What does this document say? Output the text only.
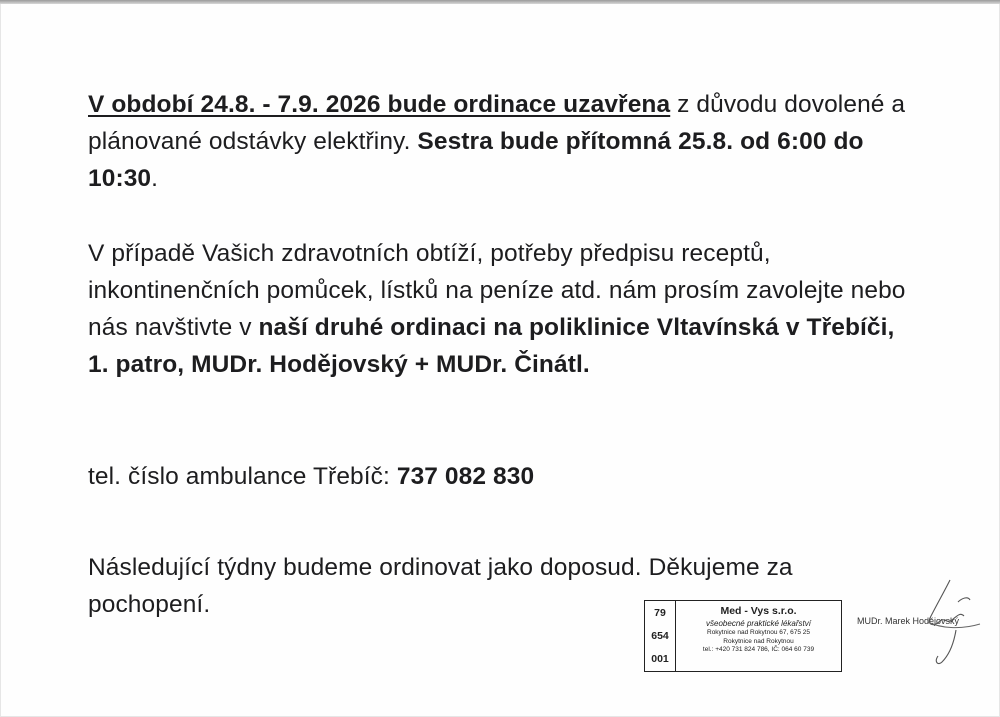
V období 24.8. - 7.9. 2026 bude ordinace uzavřena z důvodu dovolené a plánované odstávky elektřiny. Sestra bude přítomná 25.8. od 6:00 do 10:30.
V případě Vašich zdravotních obtíží, potřeby předpisu receptů, inkontinenčních pomůcek, lístků na peníze atd. nám prosím zavolejte nebo nás navštivte v naší druhé ordinaci na poliklinice Vltavínská v Třebíči, 1. patro, MUDr. Hodějovský + MUDr. Činátl.
tel. číslo ambulance Třebíč: 737 082 830
Následující týdny budeme ordinovat jako doposud. Děkujeme za pochopení.	79
654
001
Med - Vys s.r.o.
všeobecné praktické lékařství
Rokytnice nad Rokytnou 67, 675 25
Rokytnice nad Rokytnou
tel.: +420 731 824 786, IČ: 064 60 739
MUDr. Marek Hodějovský
